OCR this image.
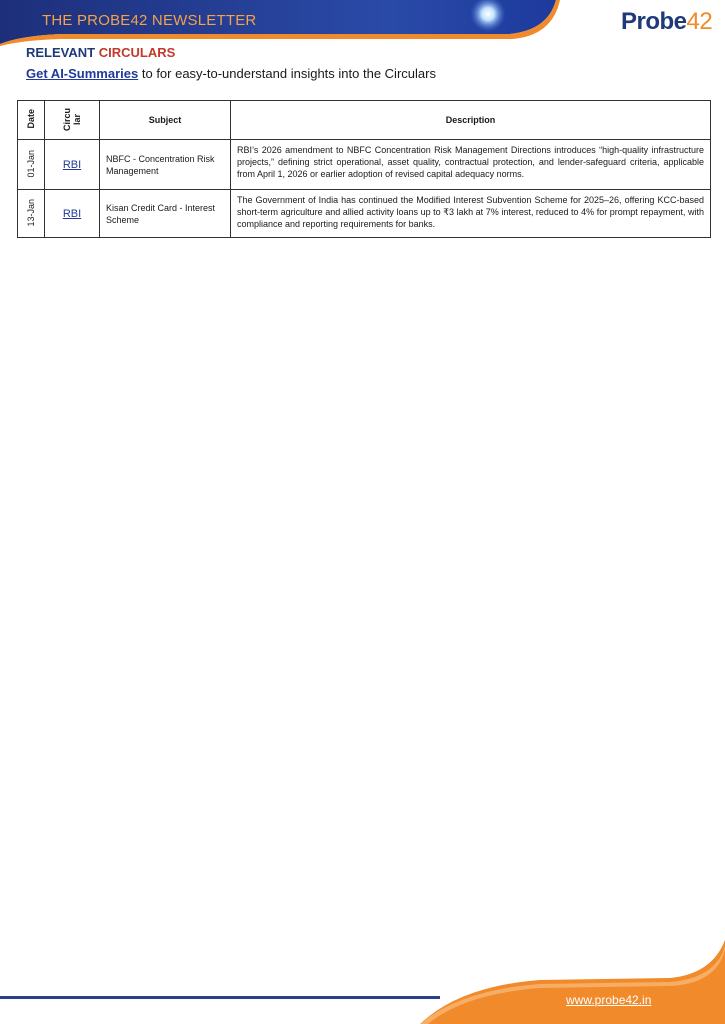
THE PROBE42 NEWSLETTER	Probe42
RELEVANT CIRCULARS
Get AI-Summaries to for easy-to-understand insights into the Circulars
Date	Circu lar	Subject	Description
01-Jan	RBI	NBFC - Concentration Risk Management	RBI’s 2026 amendment to NBFC Concentration Risk Management Directions introduces “high-quality infrastructure projects,” defining strict operational, asset quality, contractual protection, and lender-safeguard criteria, applicable from April 1, 2026 or earlier adoption of revised capital adequacy norms.
13-Jan	RBI	Kisan Credit Card - Interest Scheme	The Government of India has continued the Modified Interest Subvention Scheme for 2025–26, offering KCC-based short-term agriculture and allied activity loans up to ₹3 lakh at 7% interest, reduced to 4% for prompt repayment, with compliance and reporting requirements for banks.
www.probe42.in
